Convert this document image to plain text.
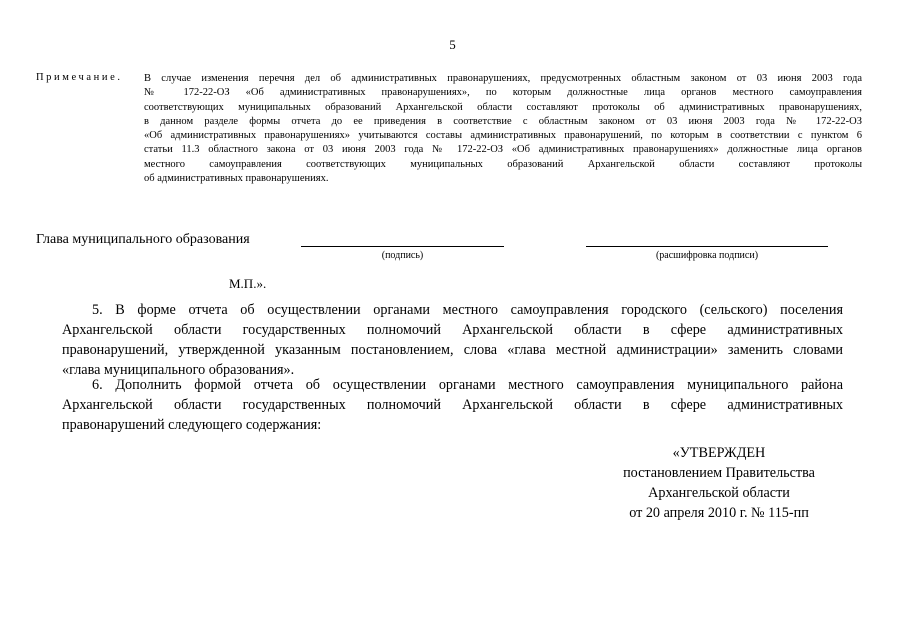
5
Примечание. В случае изменения перечня дел об административных правонарушениях, предусмотренных областным законом от 03 июня 2003 года
№ 172-22-ОЗ «Об административных правонарушениях», по которым должностные лица органов местного самоуправления
соответствующих муниципальных образований Архангельской области составляют протоколы об административных правонарушениях,
в данном разделе формы отчета до ее приведения в соответствие с областным законом от 03 июня 2003 года № 172-22-ОЗ
«Об административных правонарушениях» учитываются составы административных правонарушений, по которым в соответствии с пунктом 6
статьи 11.3 областного закона от 03 июня 2003 года № 172-22-ОЗ «Об административных правонарушениях» должностные лица органов
местного самоуправления соответствующих муниципальных образований Архангельской области составляют протоколы
об административных правонарушениях.
Глава муниципального образования
(подпись)	(расшифровка подписи)
М.П.».
5. В форме отчета об осуществлении органами местного самоуправления городского (сельского) поселения
Архангельской области государственных полномочий Архангельской области в сфере административных
правонарушений, утвержденной указанным постановлением, слова «глава местной администрации» заменить словами
«глава муниципального образования».
6. Дополнить формой отчета об осуществлении органами местного самоуправления муниципального района
Архангельской области государственных полномочий Архангельской области в сфере административных
правонарушений следующего содержания:
«УТВЕРЖДЕН
постановлением Правительства
Архангельской области
от 20 апреля 2010 г. № 115-пп
